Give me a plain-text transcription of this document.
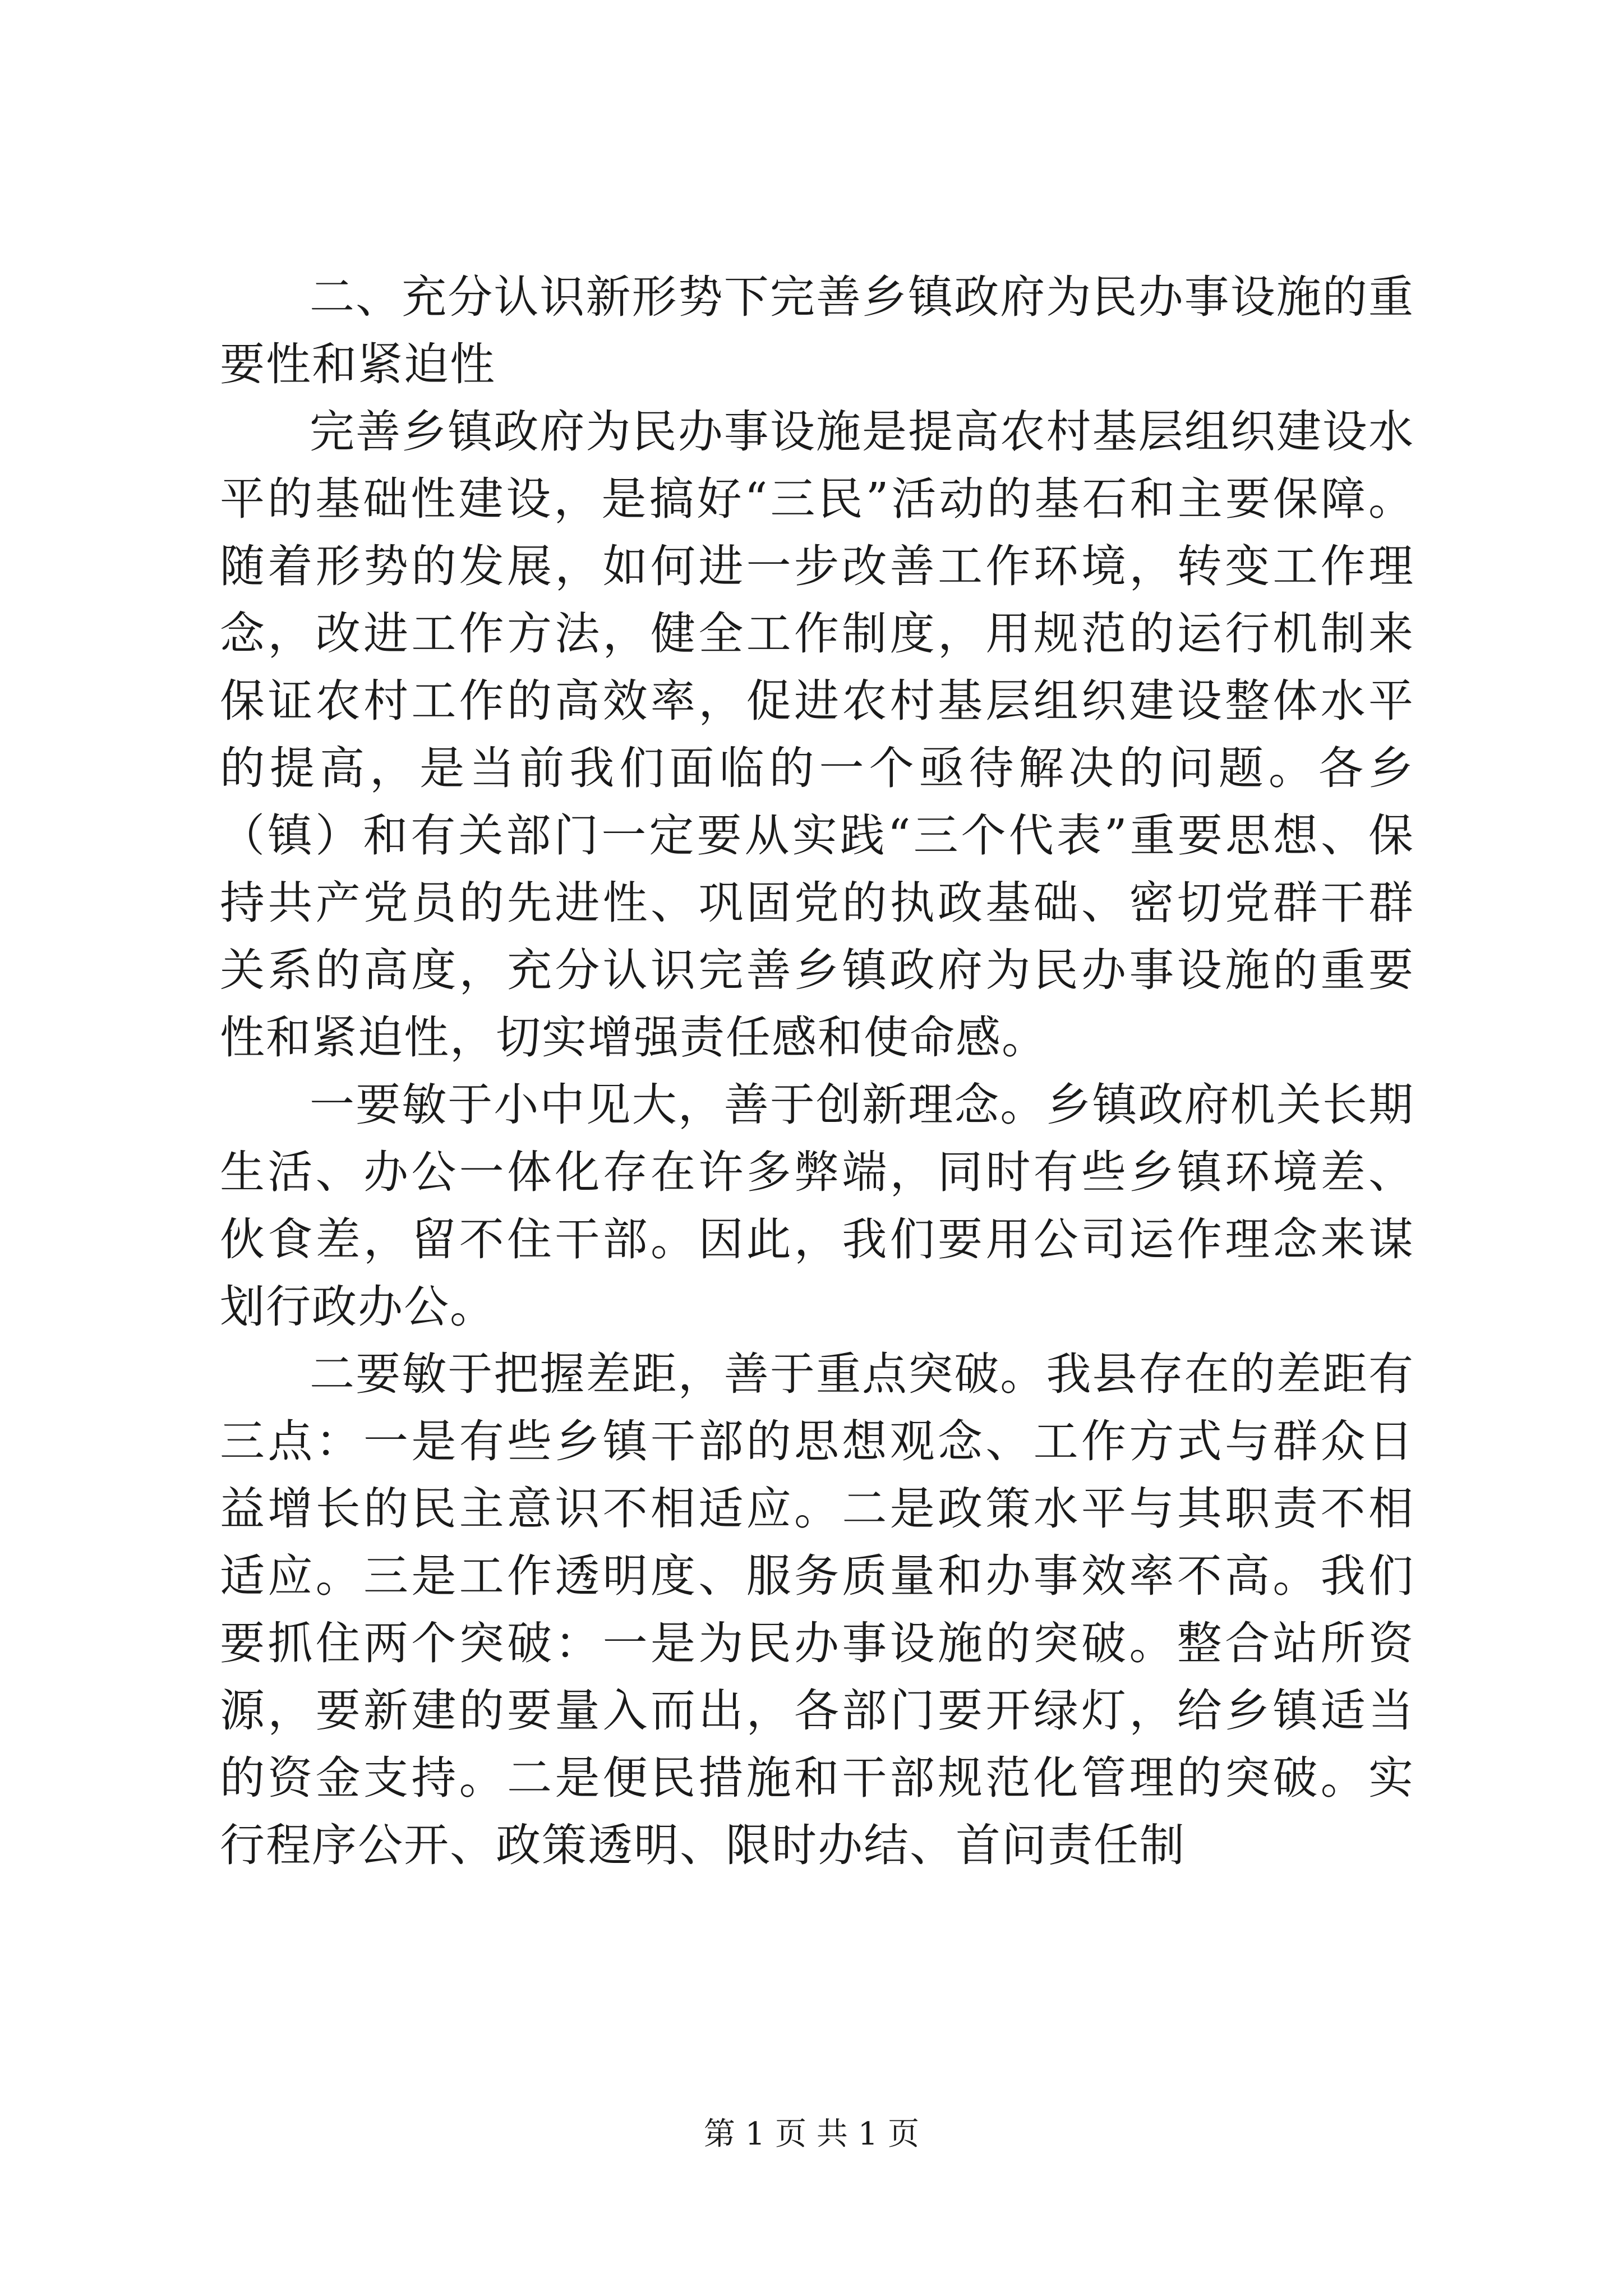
二、充分认识新形势下完善乡镇政府为民办事设施的重要性和紧迫性

完善乡镇政府为民办事设施是提高农村基层组织建设水平的基础性建设，是搞好“三民”活动的基石和主要保障。随着形势的发展，如何进一步改善工作环境，转变工作理念，改进工作方法，健全工作制度，用规范的运行机制来保证农村工作的高效率，促进农村基层组织建设整体水平的提高，是当前我们面临的一个亟待解决的问题。各乡（镇）和有关部门一定要从实践“三个代表”重要思想、保持共产党员的先进性、巩固党的执政基础、密切党群干群关系的高度，充分认识完善乡镇政府为民办事设施的重要性和紧迫性，切实增强责任感和使命感。

一要敏于小中见大，善于创新理念。乡镇政府机关长期生活、办公一体化存在许多弊端，同时有些乡镇环境差、伙食差，留不住干部。因此，我们要用公司运作理念来谋划行政办公。

二要敏于把握差距，善于重点突破。我县存在的差距有三点：一是有些乡镇干部的思想观念、工作方式与群众日益增长的民主意识不相适应。二是政策水平与其职责不相适应。三是工作透明度、服务质量和办事效率不高。我们要抓住两个突破：一是为民办事设施的突破。整合站所资源，要新建的要量入而出，各部门要开绿灯，给乡镇适当的资金支持。二是便民措施和干部规范化管理的突破。实行程序公开、政策透明、限时办结、首问责任制

第 1 页 共 1 页
